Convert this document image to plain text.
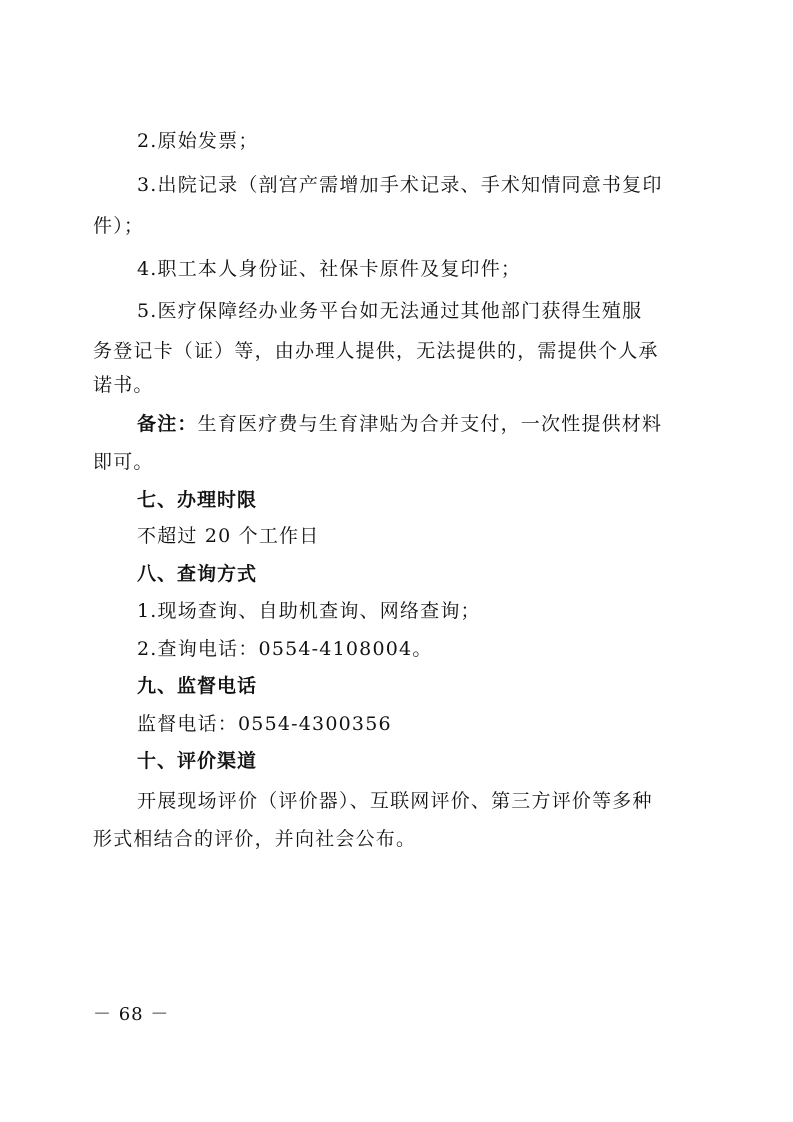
2.原始发票；
3.出院记录（剖宫产需增加手术记录、手术知情同意书复印
件）；
4.职工本人身份证、社保卡原件及复印件；
5.医疗保障经办业务平台如无法通过其他部门获得生殖服
务登记卡（证）等，由办理人提供，无法提供的，需提供个人承
诺书。
备注：生育医疗费与生育津贴为合并支付，一次性提供材料
即可。
七、办理时限
不超过 20 个工作日
八、查询方式
1.现场查询、自助机查询、网络查询；
2.查询电话：0554-4108004。
九、监督电话
监督电话：0554-4300356
十、评价渠道
开展现场评价（评价器）、互联网评价、第三方评价等多种
形式相结合的评价，并向社会公布。
－ 68 －
